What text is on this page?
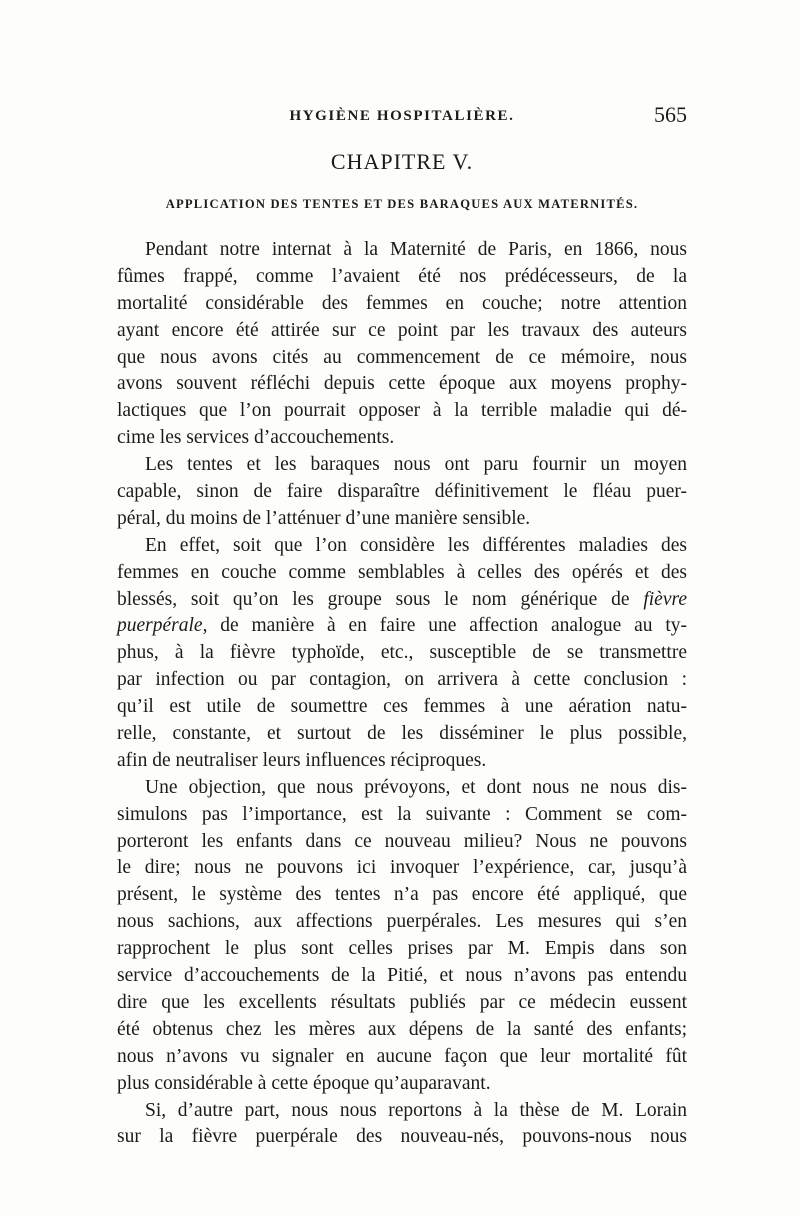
HYGIÈNE HOSPITALIÈRE.	565
CHAPITRE V.
APPLICATION DES TENTES ET DES BARAQUES AUX MATERNITÉS.
Pendant notre internat à la Maternité de Paris, en 1866, nous
fûmes frappé, comme l’avaient été nos prédécesseurs, de la
mortalité considérable des femmes en couche; notre attention
ayant encore été attirée sur ce point par les travaux des auteurs
que nous avons cités au commencement de ce mémoire, nous
avons souvent réfléchi depuis cette époque aux moyens prophy-
lactiques que l’on pourrait opposer à la terrible maladie qui dé-
cime les services d’accouchements.
Les tentes et les baraques nous ont paru fournir un moyen
capable, sinon de faire disparaître définitivement le fléau puer-
péral, du moins de l’atténuer d’une manière sensible.
En effet, soit que l’on considère les différentes maladies des
femmes en couche comme semblables à celles des opérés et des
blessés, soit qu’on les groupe sous le nom générique de fièvre
puerpérale, de manière à en faire une affection analogue au ty-
phus, à la fièvre typhoïde, etc., susceptible de se transmettre
par infection ou par contagion, on arrivera à cette conclusion :
qu’il est utile de soumettre ces femmes à une aération natu-
relle, constante, et surtout de les disséminer le plus possible,
afin de neutraliser leurs influences réciproques.
Une objection, que nous prévoyons, et dont nous ne nous dis-
simulons pas l’importance, est la suivante : Comment se com-
porteront les enfants dans ce nouveau milieu? Nous ne pouvons
le dire; nous ne pouvons ici invoquer l’expérience, car, jusqu’à
présent, le système des tentes n’a pas encore été appliqué, que
nous sachions, aux affections puerpérales. Les mesures qui s’en
rapprochent le plus sont celles prises par M. Empis dans son
service d’accouchements de la Pitié, et nous n’avons pas entendu
dire que les excellents résultats publiés par ce médecin eussent
été obtenus chez les mères aux dépens de la santé des enfants;
nous n’avons vu signaler en aucune façon que leur mortalité fût
plus considérable à cette époque qu’auparavant.
Si, d’autre part, nous nous reportons à la thèse de M. Lorain
sur la fièvre puerpérale des nouveau-nés, pouvons-nous nous
